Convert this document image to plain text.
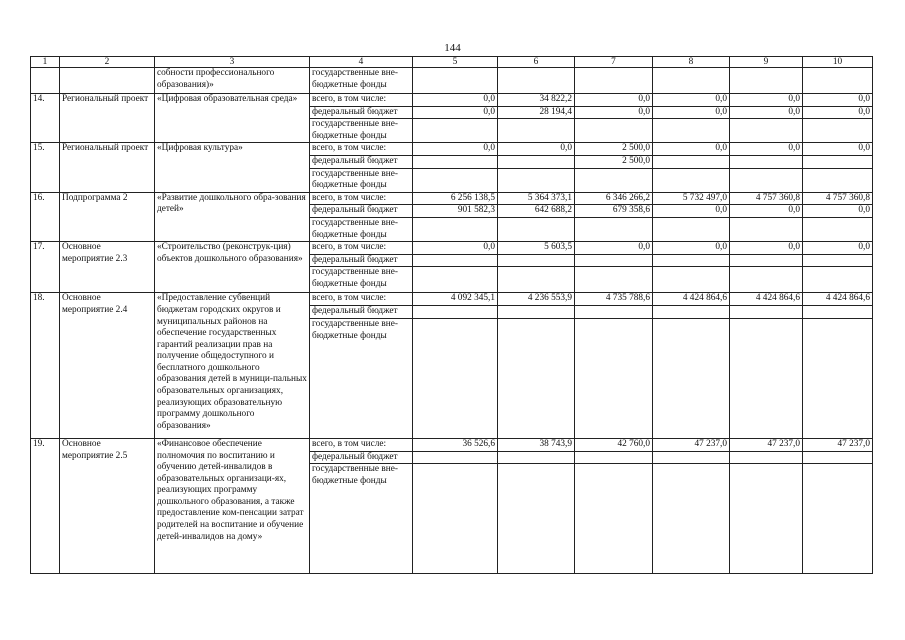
144
1	2	3	4	5	6	7	8	9	10
		собности профессионального образования)»	государственные вне-бюджетные фонды						
14.	Региональный проект	«Цифровая образовательная среда»	всего, в том числе:	0,0	34 822,2	0,0	0,0	0,0	0,0
			федеральный бюджет	0,0	28 194,4	0,0	0,0	0,0	0,0
			государственные вне-бюджетные фонды						
15.	Региональный проект	«Цифровая культура»	всего, в том числе:	0,0	0,0	2 500,0	0,0	0,0	0,0
			федеральный бюджет			2 500,0			
			государственные вне-бюджетные фонды						
16.	Подпрограмма 2	«Развитие дошкольного обра-зования детей»	всего, в том числе:	6 256 138,5	5 364 373,1	6 346 266,2	5 732 497,0	4 757 360,8	4 757 360,8
			федеральный бюджет	901 582,3	642 688,2	679 358,6	0,0	0,0	0,0
			государственные вне-бюджетные фонды						
17.	Основное мероприятие 2.3	«Строительство (реконструк-ция) объектов дошкольного образования»	всего, в том числе:	0,0	5 603,5	0,0	0,0	0,0	0,0
			федеральный бюджет						
			государственные вне-бюджетные фонды						
18.	Основное мероприятие 2.4	«Предоставление субвенций бюджетам городских округов и муниципальных районов на обеспечение государственных гарантий реализации прав на получение общедоступного и бесплатного дошкольного образования детей в муници-пальных образовательных организациях, реализующих образовательную программу дошкольного образования»	всего, в том числе:	4 092 345,1	4 236 553,9	4 735 788,6	4 424 864,6	4 424 864,6	4 424 864,6
			федеральный бюджет						
			государственные вне-бюджетные фонды						
19.	Основное мероприятие 2.5	«Финансовое обеспечение полномочия по воспитанию и обучению детей-инвалидов в образовательных организаци-ях, реализующих программу дошкольного образования, а также предоставление ком-пенсации затрат родителей на воспитание и обучение детей-инвалидов на дому»	всего, в том числе:	36 526,6	38 743,9	42 760,0	47 237,0	47 237,0	47 237,0
			федеральный бюджет						
			государственные вне-бюджетные фонды						
